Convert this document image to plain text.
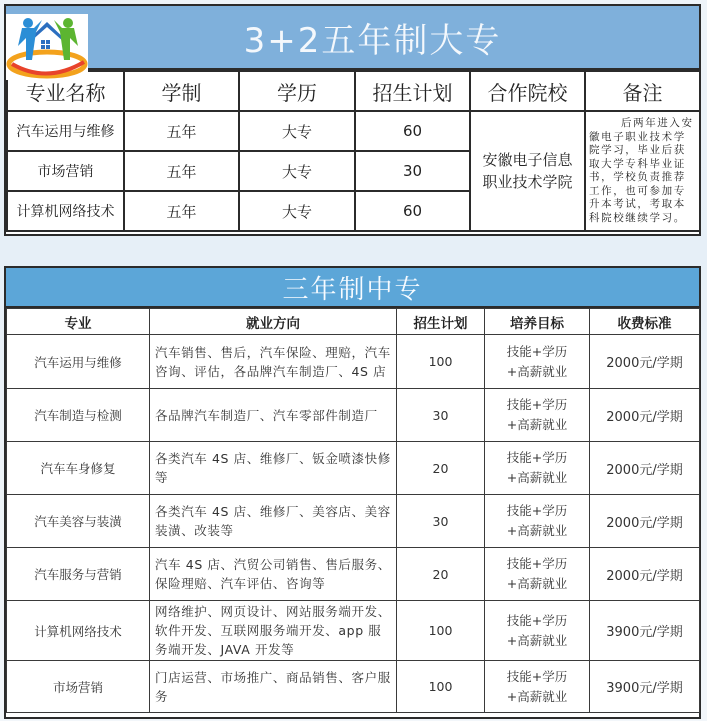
3+2五年制大专
专业名称	学制	学历	招生计划	合作院校	备注
汽车运用与维修	五年	大专	60	安徽电子信息职业技术学院	后两年进入安徽电子职业技术学院学习，毕业后获取大学专科毕业证书，学校负责推荐工作，也可参加专升本考试，考取本科院校继续学习。
市场营销	五年	大专	30		
计算机网络技术	五年	大专	60		
三年制中专
专业	就业方向	招生计划	培养目标	收费标准
汽车运用与维修	汽车销售、售后，汽车保险、理赔，汽车咨询、评估，各品牌汽车制造厂、4S 店	100	技能+学历+高薪就业	2000元/学期
汽车制造与检测	各品牌汽车制造厂、汽车零部件制造厂	30	技能+学历+高薪就业	2000元/学期
汽车车身修复	各类汽车 4S 店、维修厂、钣金喷漆快修等	20	技能+学历+高薪就业	2000元/学期
汽车美容与装潢	各类汽车 4S 店、维修厂、美容店、美容装潢、改装等	30	技能+学历+高薪就业	2000元/学期
汽车服务与营销	汽车 4S 店、汽贸公司销售、售后服务、保险理赔、汽车评估、咨询等	20	技能+学历+高薪就业	2000元/学期
计算机网络技术	网络维护、网页设计、网站服务端开发、软件开发、互联网服务端开发、app 服务端开发、JAVA 开发等	100	技能+学历+高薪就业	3900元/学期
市场营销	门店运营、市场推广、商品销售、客户服务	100	技能+学历+高薪就业	3900元/学期
